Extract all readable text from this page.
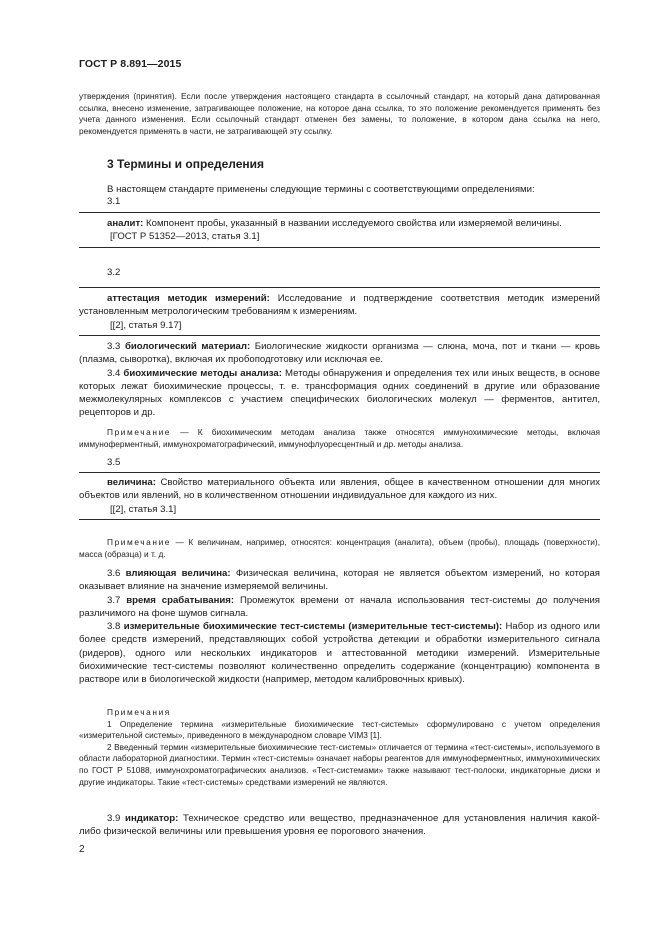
ГОСТ Р 8.891—2015

утверждения (принятия). Если после утверждения настоящего стандарта в ссылочный стандарт, на который дана датированная ссылка, внесено изменение, затрагивающее положение, на которое дана ссылка, то это положение рекомендуется применять без учета данного изменения. Если ссылочный стандарт отменен без замены, то положение, в котором дана ссылка на него, рекомендуется применять в части, не затрагивающей эту ссылку.

3 Термины и определения

В настоящем стандарте применены следующие термины с соответствующими определениями:

3.1

аналит: Компонент пробы, указанный в названии исследуемого свойства или измеряемой величины.

[ГОСТ Р 51352—2013, статья 3.1]

3.2

аттестация методик измерений: Исследование и подтверждение соответствия методик измерений установленным метрологическим требованиям к измерениям.

[[2], статья 9.17]

3.3 биологический материал: Биологические жидкости организма — слюна, моча, пот и ткани — кровь (плазма, сыворотка), включая их пробоподготовку или исключая ее.

3.4 биохимические методы анализа: Методы обнаружения и определения тех или иных веществ, в основе которых лежат биохимические процессы, т. е. трансформация одних соединений в другие или образование межмолекулярных комплексов с участием специфических биологических молекул — ферментов, антител, рецепторов и др.

Примечание — К биохимическим методам анализа также относятся иммунохимические методы, включая иммуноферментный, иммунохроматографический, иммунофлуоресцентный и др. методы анализа.

3.5

величина: Свойство материального объекта или явления, общее в качественном отношении для многих объектов или явлений, но в количественном отношении индивидуальное для каждого из них.

[[2], статья 3.1]

Примечание — К величинам, например, относятся: концентрация (аналита), объем (пробы), площадь (поверхности), масса (образца) и т. д.

3.6 влияющая величина: Физическая величина, которая не является объектом измерений, но которая оказывает влияние на значение измеряемой величины.

3.7 время срабатывания: Промежуток времени от начала использования тест-системы до получения различимого на фоне шумов сигнала.

3.8 измерительные биохимические тест-системы (измерительные тест-системы): Набор из одного или более средств измерений, представляющих собой устройства детекции и обработки измерительного сигнала (ридеров), одного или нескольких индикаторов и аттестованной методики измерений. Измерительные биохимические тест-системы позволяют количественно определить содержание (концентрацию) компонента в растворе или в биологической жидкости (например, методом калибровочных кривых).

Примечания

1 Определение термина «измерительные биохимические тест-системы» сформулировано с учетом определения «измерительной системы», приведенного в международном словаре VIM3 [1].

2 Введенный термин «измерительные биохимические тест-системы» отличается от термина «тест-системы», используемого в области лабораторной диагностики. Термин «тест-системы» означает наборы реагентов для иммуноферментных, иммунохимических по ГОСТ Р 51088, иммунохроматографических анализов. «Тест-системами» также называют тест-полоски, индикаторные диски и другие индикаторы. Такие «тест-системы» средствами измерений не являются.

3.9 индикатор: Техническое средство или вещество, предназначенное для установления наличия какой-либо физической величины или превышения уровня ее порогового значения.

2
